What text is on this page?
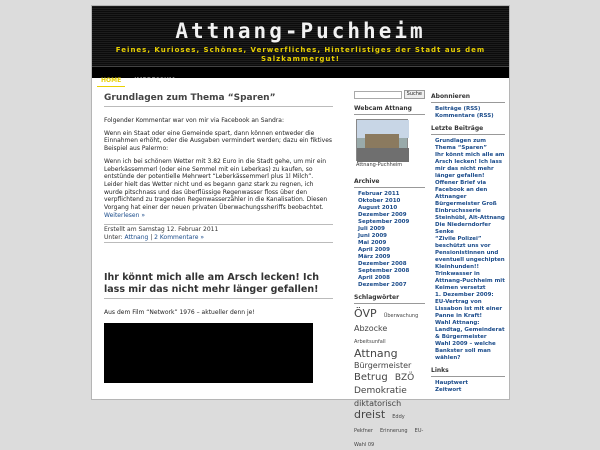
Attnang-Puchheim
Feines, Kurioses, Schönes, Verwerfliches, Hinterlistiges der Stadt aus dem Salzkammergut!
HOME IMPRESSUM
Grundlagen zum Thema “Sparen”

Folgender Kommentar war von mir via Facebook an Sandra:

Wenn ein Staat oder eine Gemeinde spart, dann können entweder die Einnahmen erhöht, oder die Ausgaben vermindert werden; dazu ein fiktives Beispiel aus Palermo:

Wenn ich bei schönem Wetter mit 3.82 Euro in die Stadt gehe, um mir ein Leberkässemmerl (oder eine Semmel mit ein Leberkas) zu kaufen, so entstünde der potentielle Mehrwert “Leberkässemmerl plus 1l Milch”. Leider hielt das Wetter nicht und es begann ganz stark zu regnen, ich wurde pitschnass und das überflüssige Regenwasser floss über den verpflichtend zu tragenden Regenwasserzähler in die Kanalisation. Diesen Vorgang hat einer der neuen privaten Überwachungssheriffs beobachtet. Weiterlesen »

Erstellt am Samstag 12. Februar 2011
Unter: Attnang | 2 Kommentare »
Ihr könnt mich alle am Arsch lecken! Ich lass mir das nicht mehr länger gefallen!

Aus dem Film “Network” 1976 – aktueller denn je!

Suche
Webcam Attnang
Attnang-Puchheim
Archive
Februar 2011
Oktober 2010
August 2010
Dezember 2009
September 2009
Juli 2009
Juni 2009
Mai 2009
April 2009
März 2009
Dezember 2008
September 2008
April 2008
Dezember 2007
Schlagwörter
ÖVP Überwachung Abzocke Arbeitsunfall Attnang Bürgermeister Betrug BZÖ Demokratie diktatorisch dreist Eddy Pekfner Erinnerung EU-Wahl 09
Abonnieren
Beiträge (RSS)
Kommentare (RSS)
Letzte Beiträge
Grundlagen zum Thema “Sparen”
Ihr könnt mich alle am Arsch lecken! Ich lass mir das nicht mehr länger gefallen!
Offener Brief via Facebook an den Attnanger Bürgermeister Groß
Einbruchsserie Steinhübl, Alt-Attnang
Die Niederndorfer Senke
“Zivile Polizei” beschützt uns vor Pensionistinnen und eventuell ungechipten Kleinhunden!!
Trinkwasser in Attnang-Puchheim mit Keimen versetzt
1. Dezember 2009: EU-Vertrag von Lissabon ist mit einer Panne in Kraft!
Wahl Attnang: Landtag, Gemeinderat & Bürgermeister
Wahl 2009 – welche Bankster soll man wählen?
Links
Hauptwert
Zeitwort
